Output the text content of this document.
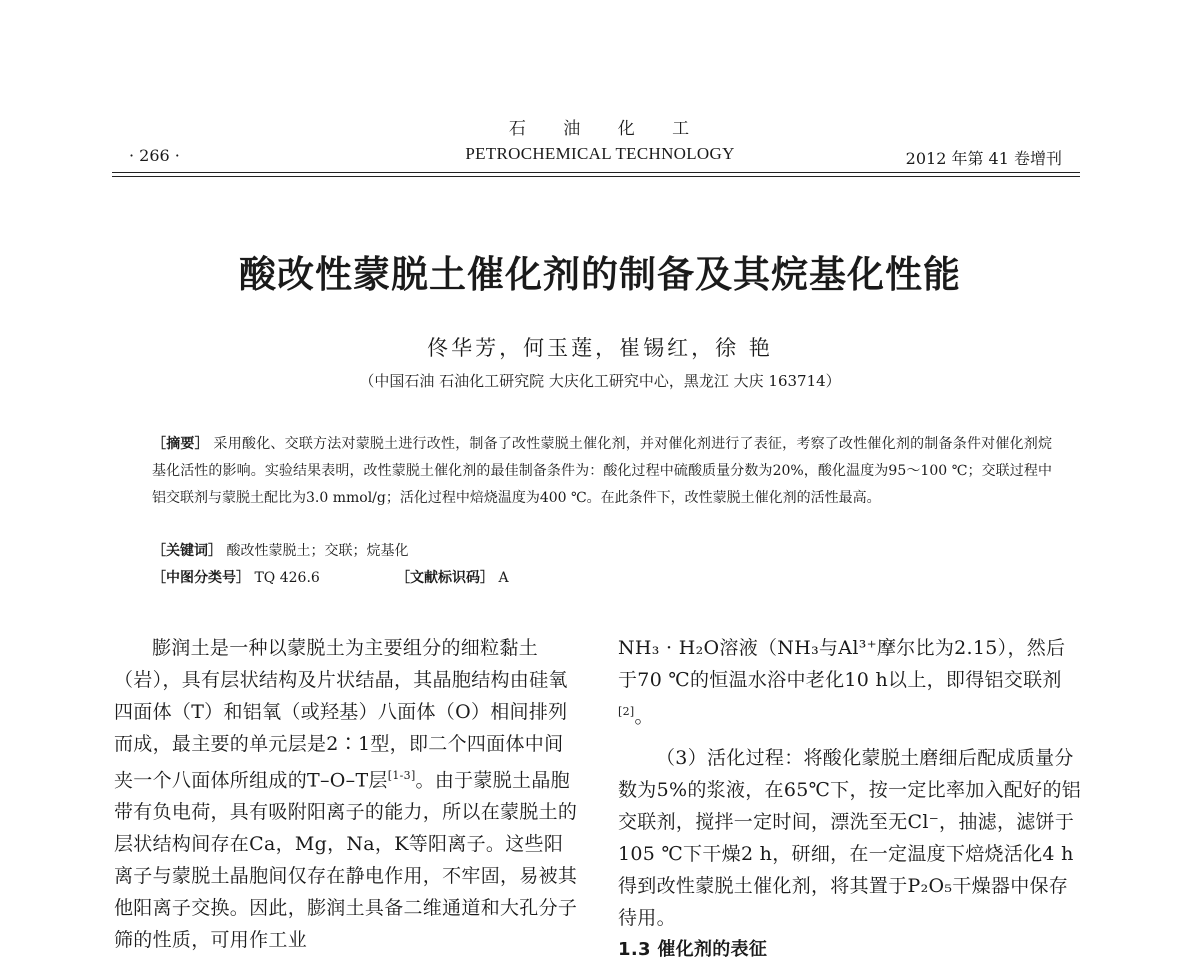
石 油 化 工
· 266 ·	PETROCHEMICAL TECHNOLOGY	2012 年第 41 卷增刊
酸改性蒙脱土催化剂的制备及其烷基化性能
佟华芳，何玉莲，崔锡红，徐 艳
（中国石油 石油化工研究院 大庆化工研究中心，黑龙江 大庆 163714）
［摘要］ 采用酸化、交联方法对蒙脱土进行改性，制备了改性蒙脱土催化剂，并对催化剂进行了表征，考察了改性催化剂的制备条件对催化剂烷基化活性的影响。实验结果表明，改性蒙脱土催化剂的最佳制备条件为：酸化过程中硫酸质量分数为20%，酸化温度为95～100 ℃；交联过程中铝交联剂与蒙脱土配比为3.0 mmol/g；活化过程中焙烧温度为400 ℃。在此条件下，改性蒙脱土催化剂的活性最高。
［关键词］ 酸改性蒙脱土；交联；烷基化
［中图分类号］ TQ 426.6	［文献标识码］ A

膨润土是一种以蒙脱土为主要组分的细粒黏土（岩），具有层状结构及片状结晶，其晶胞结构由硅氧四面体（T）和铝氧（或羟基）八面体（O）相间排列而成，最主要的单元层是2∶1型，即二个四面体中间夹一个八面体所组成的T–O–T层[1-3]。由于蒙脱土晶胞带有负电荷，具有吸附阳离子的能力，所以在蒙脱土的层状结构间存在Ca，Mg，Na，K等阳离子。这些阳离子与蒙脱土晶胞间仅存在静电作用，不牢固，易被其他阳离子交换。因此，膨润土具备二维通道和大孔分子筛的性质，可用作工业

NH₃ · H₂O溶液（NH₃与Al³⁺摩尔比为2.15），然后于70 ℃的恒温水浴中老化10 h以上，即得铝交联剂[2]。

（3）活化过程：将酸化蒙脱土磨细后配成质量分数为5%的浆液，在65℃下，按一定比率加入配好的铝交联剂，搅拌一定时间，漂洗至无Cl⁻，抽滤，滤饼于105 ℃下干燥2 h，研细，在一定温度下焙烧活化4 h得到改性蒙脱土催化剂，将其置于P₂O₅干燥器中保存待用。

1.3 催化剂的表征
